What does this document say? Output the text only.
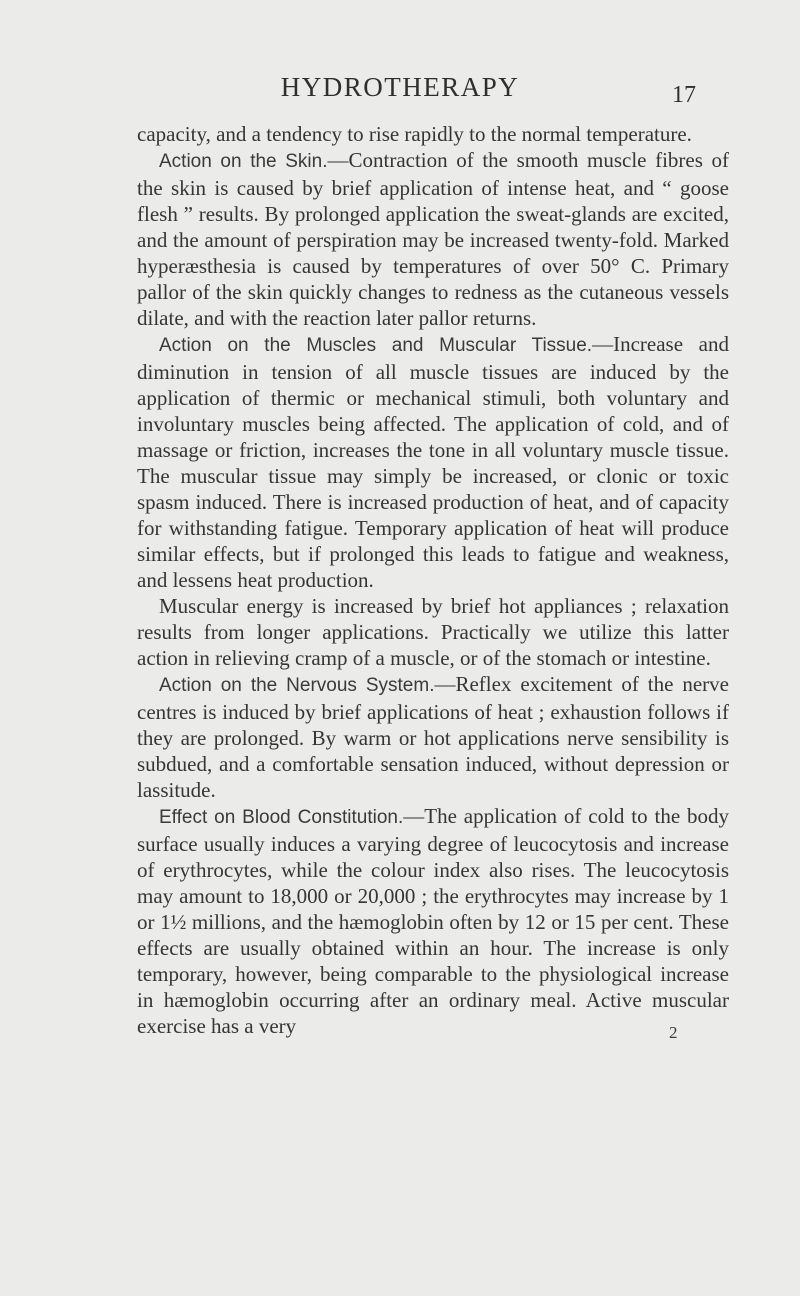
HYDROTHERAPY	17

capacity, and a tendency to rise rapidly to the normal temperature.

Action on the Skin.—Contraction of the smooth muscle fibres of the skin is caused by brief application of intense heat, and “ goose flesh ” results. By prolonged application the sweat-glands are excited, and the amount of perspiration may be increased twenty-fold. Marked hyperæsthesia is caused by temperatures of over 50° C. Primary pallor of the skin quickly changes to redness as the cutaneous vessels dilate, and with the reaction later pallor returns.

Action on the Muscles and Muscular Tissue.—Increase and diminution in tension of all muscle tissues are induced by the application of thermic or mechanical stimuli, both voluntary and involuntary muscles being affected. The application of cold, and of massage or friction, increases the tone in all voluntary muscle tissue. The muscular tissue may simply be increased, or clonic or toxic spasm induced. There is increased production of heat, and of capacity for withstanding fatigue. Temporary application of heat will produce similar effects, but if prolonged this leads to fatigue and weakness, and lessens heat production.

Muscular energy is increased by brief hot appliances ; relaxation results from longer applications. Practically we utilize this latter action in relieving cramp of a muscle, or of the stomach or intestine.

Action on the Nervous System.—Reflex excitement of the nerve centres is induced by brief applications of heat ; exhaustion follows if they are prolonged. By warm or hot applications nerve sensibility is subdued, and a comfortable sensation induced, without depression or lassitude.

Effect on Blood Constitution.—The application of cold to the body surface usually induces a varying degree of leucocytosis and increase of erythrocytes, while the colour index also rises. The leucocytosis may amount to 18,000 or 20,000 ; the erythrocytes may increase by 1 or 1½ millions, and the hæmoglobin often by 12 or 15 per cent. These effects are usually obtained within an hour. The increase is only temporary, however, being comparable to the physiological increase in hæmoglobin occurring after an ordinary meal. Active muscular exercise has a very	2
